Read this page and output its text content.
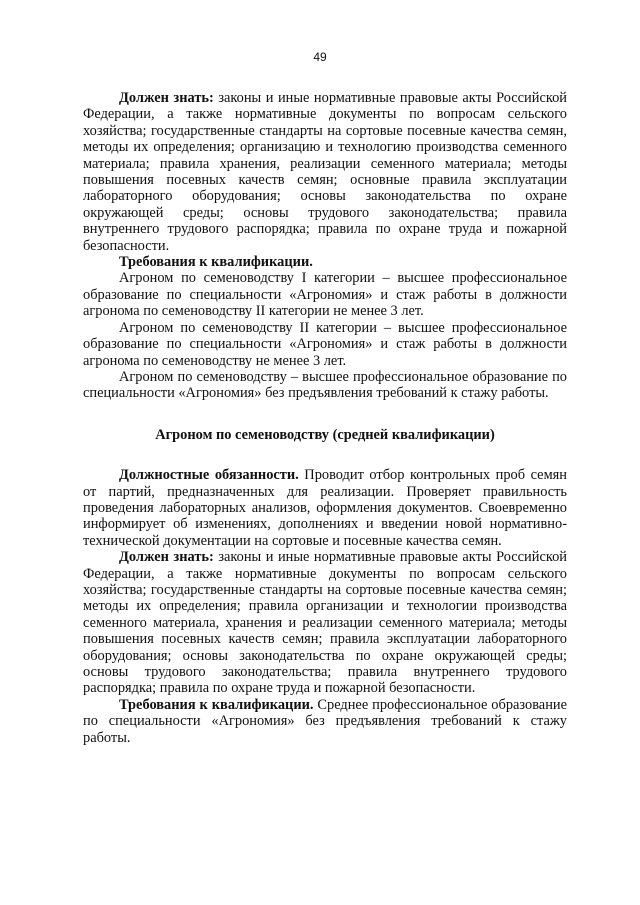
49

Должен знать: законы и иные нормативные правовые акты Российской Федерации, а также нормативные документы по вопросам сельского хозяйства; государственные стандарты на сортовые посевные качества семян, методы их определения; организацию и технологию производства семенного материала; правила хранения, реализации семенного материала; методы повышения посевных качеств семян; основные правила эксплуатации лабораторного оборудования; основы законодательства по охране окружающей среды; основы трудового законодательства; правила внутреннего трудового распорядка; правила по охране труда и пожарной безопасности.

Требования к квалификации.

Агроном по семеноводству I категории – высшее профессиональное образование по специальности «Агрономия» и стаж работы в должности агронома по семеноводству II категории не менее 3 лет.

Агроном по семеноводству II категории – высшее профессиональное образование по специальности «Агрономия» и стаж работы в должности агронома по семеноводству не менее 3 лет.

Агроном по семеноводству – высшее профессиональное образование по специальности «Агрономия» без предъявления требований к стажу работы.

Агроном по семеноводству (средней квалификации)

Должностные обязанности. Проводит отбор контрольных проб семян от партий, предназначенных для реализации. Проверяет правильность проведения лабораторных анализов, оформления документов. Своевременно информирует об изменениях, дополнениях и введении новой нормативно-технической документации на сортовые и посевные качества семян.

Должен знать: законы и иные нормативные правовые акты Российской Федерации, а также нормативные документы по вопросам сельского хозяйства; государственные стандарты на сортовые посевные качества семян; методы их определения; правила организации и технологии производства семенного материала, хранения и реализации семенного материала; методы повышения посевных качеств семян; правила эксплуатации лабораторного оборудования; основы законодательства по охране окружающей среды; основы трудового законодательства; правила внутреннего трудового распорядка; правила по охране труда и пожарной безопасности.

Требования к квалификации. Среднее профессиональное образование по специальности «Агрономия» без предъявления требований к стажу работы.
